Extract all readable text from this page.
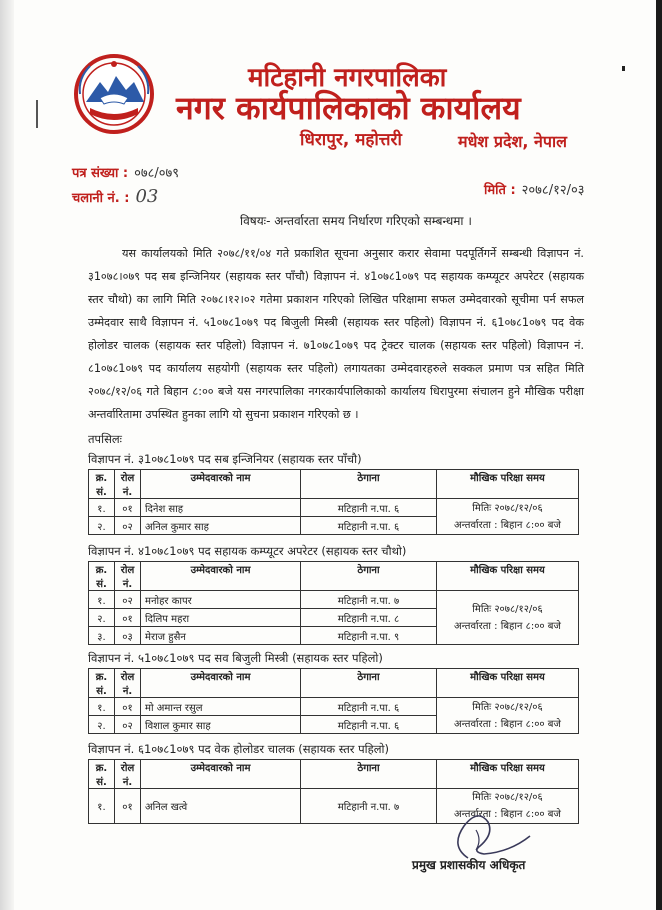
मटिहानी नगरपालिका
नगर कार्यपालिकाको कार्यालय
धिरापुर, महोत्तरी	मधेश प्रदेश, नेपाल
पत्र संख्या : ०७८/०७९
चलानी नं. : 03	मिति : २०७८/१२/०३
विषयः- अन्तर्वारता समय निर्धारण गरिएको सम्बन्धमा ।
यस कार्यालयको मिति २०७८/११/०४ गते प्रकाशित सूचना अनुसार करार सेवामा पदपूर्तिगर्ने सम्बन्धी विज्ञापन नं. ३1०७८।०७९ पद सब इन्जिनियर (सहायक स्तर पाँचौ) विज्ञापन नं. ४1०७८1०७९ पद सहायक कम्प्यूटर अपरेटर (सहायक स्तर चौथो) का लागि मिति २०७८।१२।०२ गतेमा प्रकाशन गरिएको लिखित परिक्षामा सफल उम्मेदवारको सूचीमा पर्न सफल उम्मेदवार साथै विज्ञापन नं. ५1०७८1०७९ पद बिजुली मिस्त्री (सहायक स्तर पहिलो) विज्ञापन नं. ६1०७८1०७९ पद वेक होलोडर चालक (सहायक स्तर पहिलो) विज्ञापन नं. ७1०७८1०७९ पद ट्रेक्टर चालक (सहायक स्तर पहिलो) विज्ञापन नं. ८1०७८1०७९ पद कार्यालय सहयोगी (सहायक स्तर पहिलो) लगायतका उम्मेदवारहरुले सक्कल प्रमाण पत्र सहित मिति २०७८/१२/०६ गते बिहान ८:०० बजे यस नगरपालिका नगरकार्यपालिकाको कार्यालय धिरापुरमा संचालन हुने मौखिक परीक्षा अन्तर्वारितामा उपस्थित हुनका लागि यो सुचना प्रकाशन गरिएको छ ।
तपसिलः
विज्ञापन नं. ३1०७८1०७९ पद सब इन्जिनियर (सहायक स्तर पाँचौ)
क्र. सं.	रोल नं.	उम्मेदवारको नाम	ठेगाना	मौखिक परिक्षा समय
१.	०१	दिनेश साह	मटिहानी न.पा. ६	मितिः २०७८/१२/०६
अन्तर्वारता : बिहान ८:०० बजे

२.	०२	अनिल कुमार साह	मटिहानी न.पा. ६	
विज्ञापन नं. ४1०७८1०७९ पद सहायक कम्प्यूटर अपरेटर (सहायक स्तर चौथो)
क्र. सं.	रोल नं.	उम्मेदवारको नाम	ठेगाना	मौखिक परिक्षा समय
१.	०२	मनोहर कापर	मटिहानी न.पा. ७	मितिः २०७८/१२/०६
अन्तर्वारता : बिहान ८:०० बजे

२.	०१	दिलिप महरा	मटिहानी न.पा. ८	
३.	०३	मेराज हुसैन	मटिहानी न.पा. ९	
विज्ञापन नं. ५1०७८1०७९ पद सव बिजुली मिस्त्री (सहायक स्तर पहिलो)
क्र. सं.	रोल नं.	उम्मेदवारको नाम	ठेगाना	मौखिक परिक्षा समय
१.	०१	मो अमान्त रसुल	मटिहानी न.पा. ६	मितिः २०७८/१२/०६
अन्तर्वारता : बिहान ८:०० बजे

२.	०२	विशाल कुमार साह	मटिहानी न.पा. ६	
विज्ञापन नं. ६1०७८1०७९ पद वेक होलोडर चालक (सहायक स्तर पहिलो)
क्र. सं.	रोल नं.	उम्मेदवारको नाम	ठेगाना	मौखिक परिक्षा समय
१.	०१	अनिल खत्वे	मटिहानी न.पा. ७	मितिः २०७८/१२/०६
अन्तर्वारता : बिहान ८:०० बजे
प्रमुख प्रशासकीय अधिकृत
